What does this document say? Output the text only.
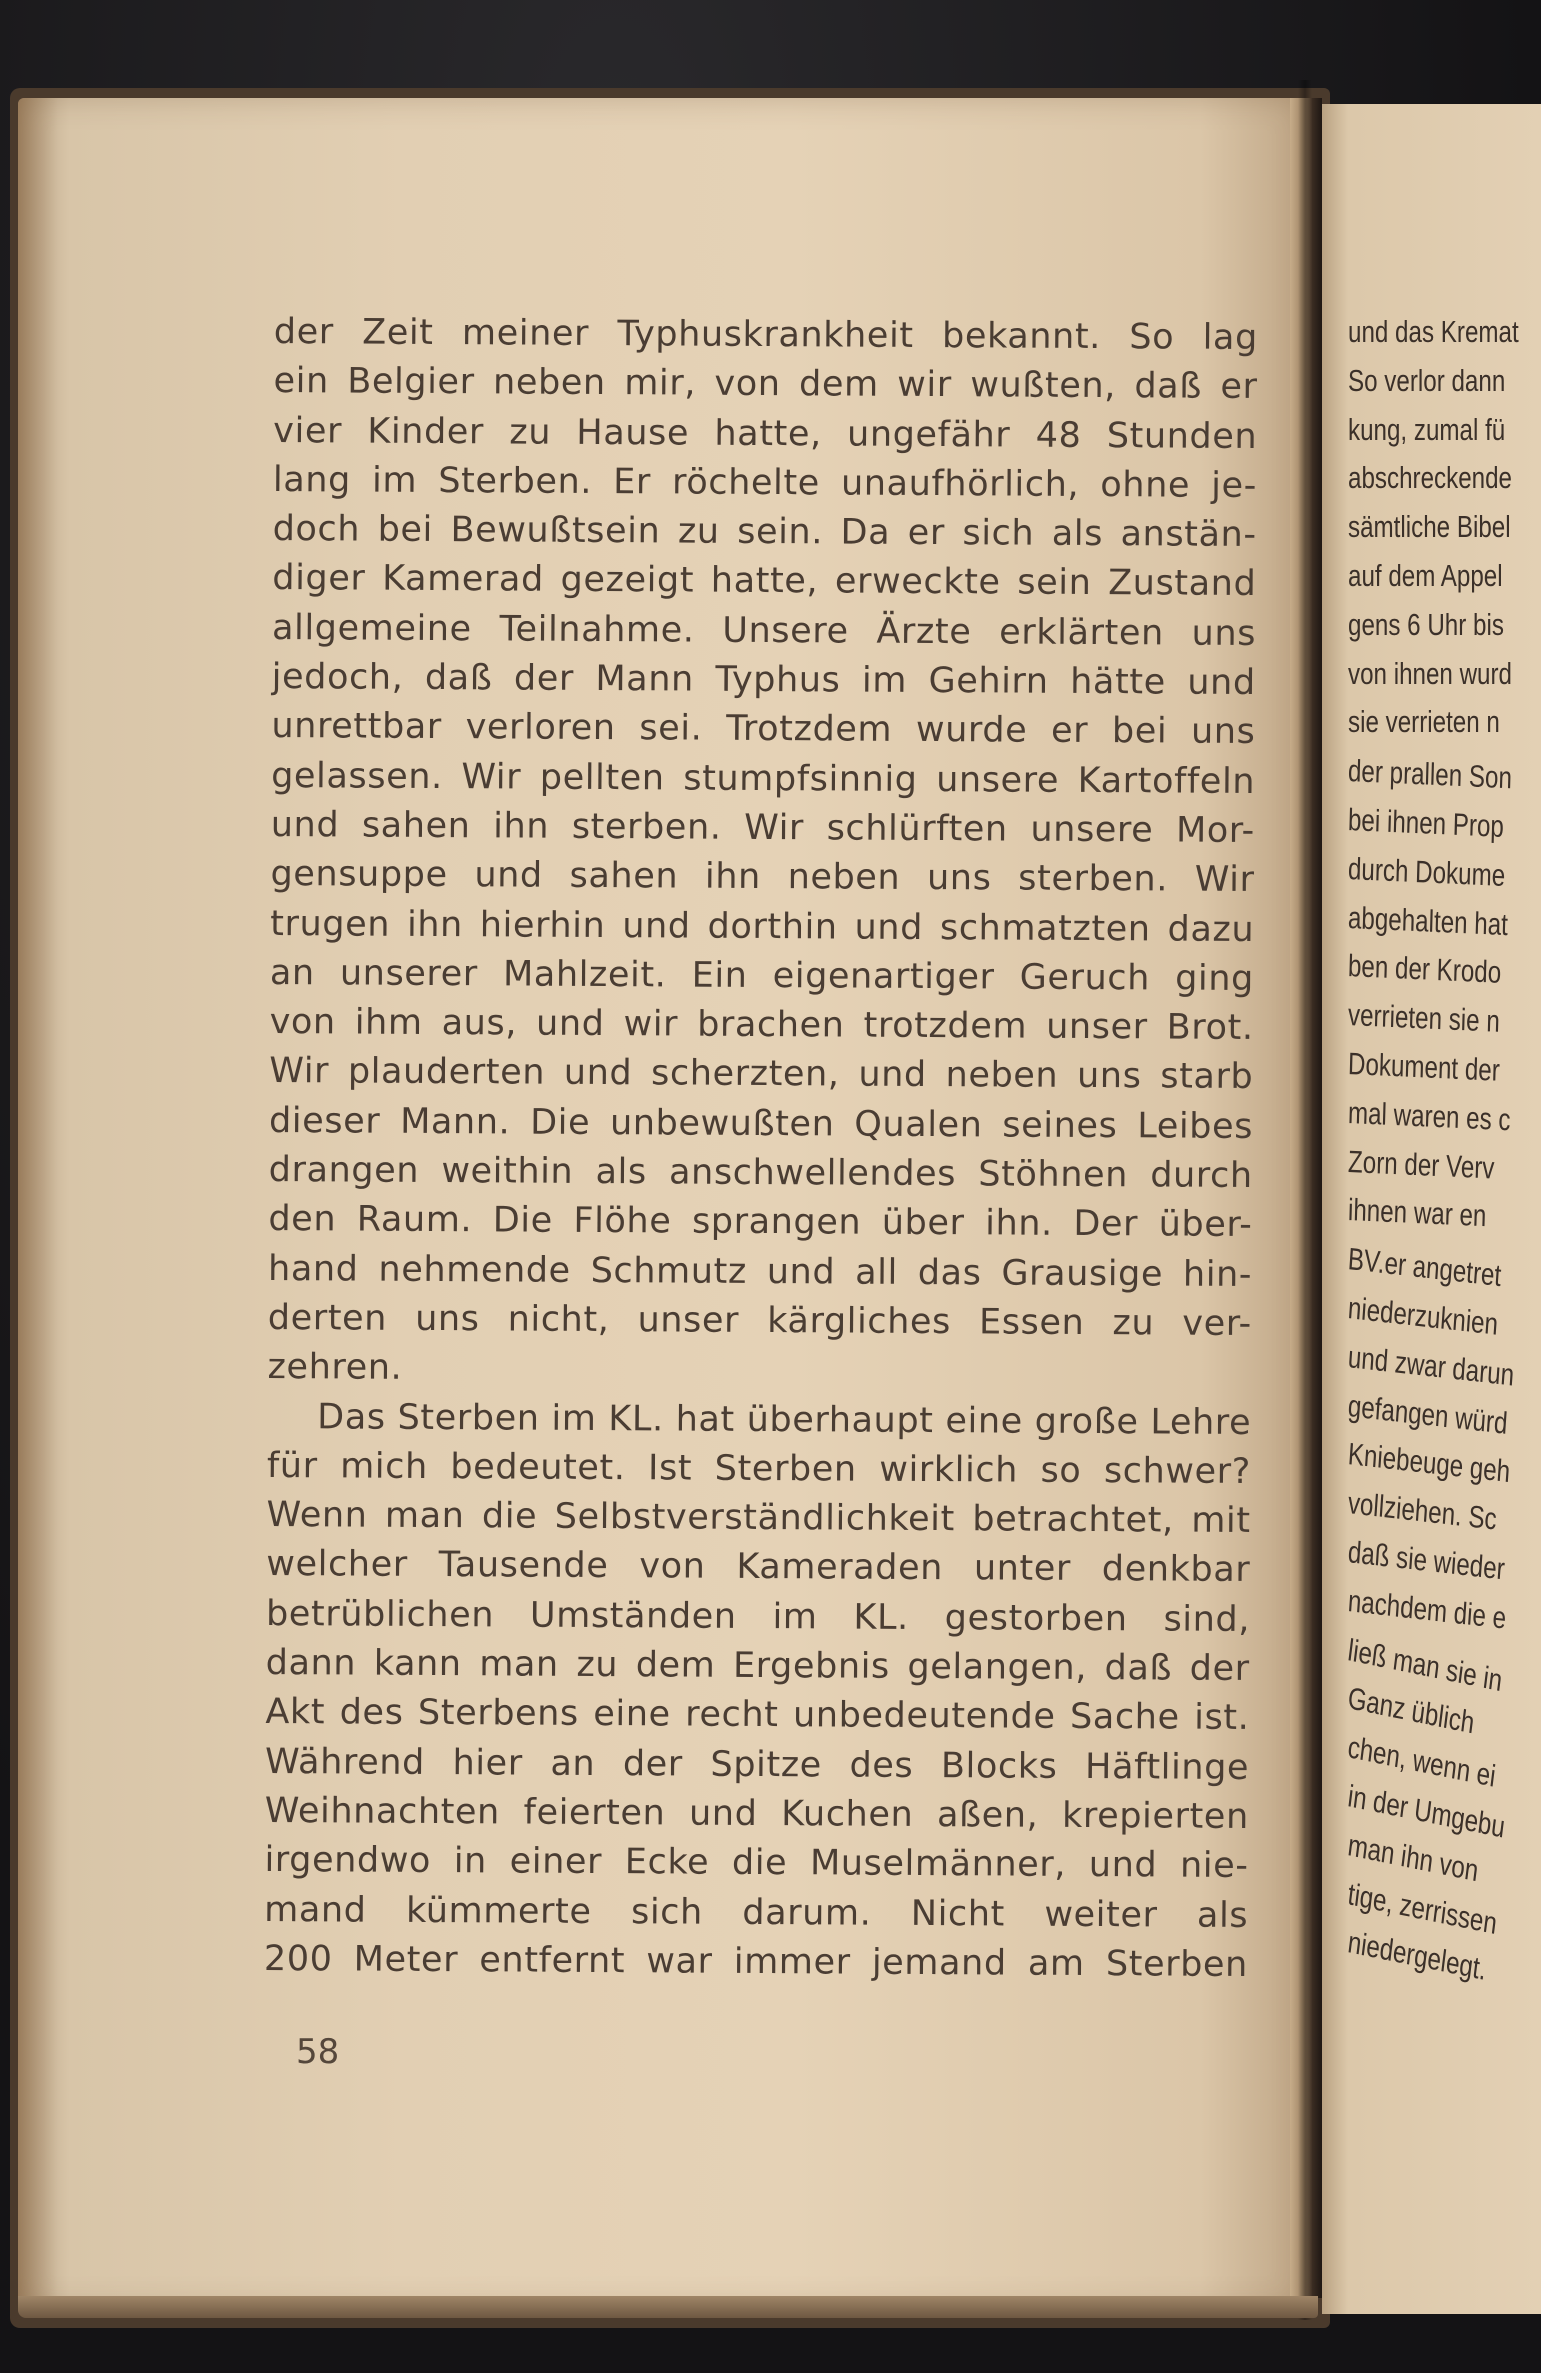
der Zeit meiner Typhuskrankheit bekannt. So lag
ein Belgier neben mir, von dem wir wußten, daß er
vier Kinder zu Hause hatte, ungefähr 48 Stunden
lang im Sterben. Er röchelte unaufhörlich, ohne je-
doch bei Bewußtsein zu sein. Da er sich als anstän-
diger Kamerad gezeigt hatte, erweckte sein Zustand
allgemeine Teilnahme. Unsere Ärzte erklärten uns
jedoch, daß der Mann Typhus im Gehirn hätte und
unrettbar verloren sei. Trotzdem wurde er bei uns
gelassen. Wir pellten stumpfsinnig unsere Kartoffeln
und sahen ihn sterben. Wir schlürften unsere Mor-
gensuppe und sahen ihn neben uns sterben. Wir
trugen ihn hierhin und dorthin und schmatzten dazu
an unserer Mahlzeit. Ein eigenartiger Geruch ging
von ihm aus, und wir brachen trotzdem unser Brot.
Wir plauderten und scherzten, und neben uns starb
dieser Mann. Die unbewußten Qualen seines Leibes
drangen weithin als anschwellendes Stöhnen durch
den Raum. Die Flöhe sprangen über ihn. Der über-
hand nehmende Schmutz und all das Grausige hin-
derten uns nicht, unser kärgliches Essen zu ver-
zehren.
Das Sterben im KL. hat überhaupt eine große Lehre
für mich bedeutet. Ist Sterben wirklich so schwer?
Wenn man die Selbstverständlichkeit betrachtet, mit
welcher Tausende von Kameraden unter denkbar
betrüblichen Umständen im KL. gestorben sind,
dann kann man zu dem Ergebnis gelangen, daß der
Akt des Sterbens eine recht unbedeutende Sache ist.
Während hier an der Spitze des Blocks Häftlinge
Weihnachten feierten und Kuchen aßen, krepierten
irgendwo in einer Ecke die Muselmänner, und nie-
mand kümmerte sich darum. Nicht weiter als
200 Meter entfernt war immer jemand am Sterben
58
und das Kremat
So verlor dann
kung, zumal fü
abschreckende
sämtliche Bibel
auf dem Appel
gens 6 Uhr bis
von ihnen wurd
sie verrieten n
der prallen Son
bei ihnen Prop
durch Dokume
abgehalten hat
ben der Krodo
verrieten sie n
Dokument der
mal waren es c
Zorn der Verv
ihnen war en
BV.er angetret
niederzuknien
und zwar darun
gefangen würd
Kniebeuge geh
vollziehen. Sc
daß sie wieder
nachdem die e
ließ man sie in
Ganz üblich
chen, wenn ei
in der Umgebu
man ihn von
tige, zerrissen
niedergelegt.
